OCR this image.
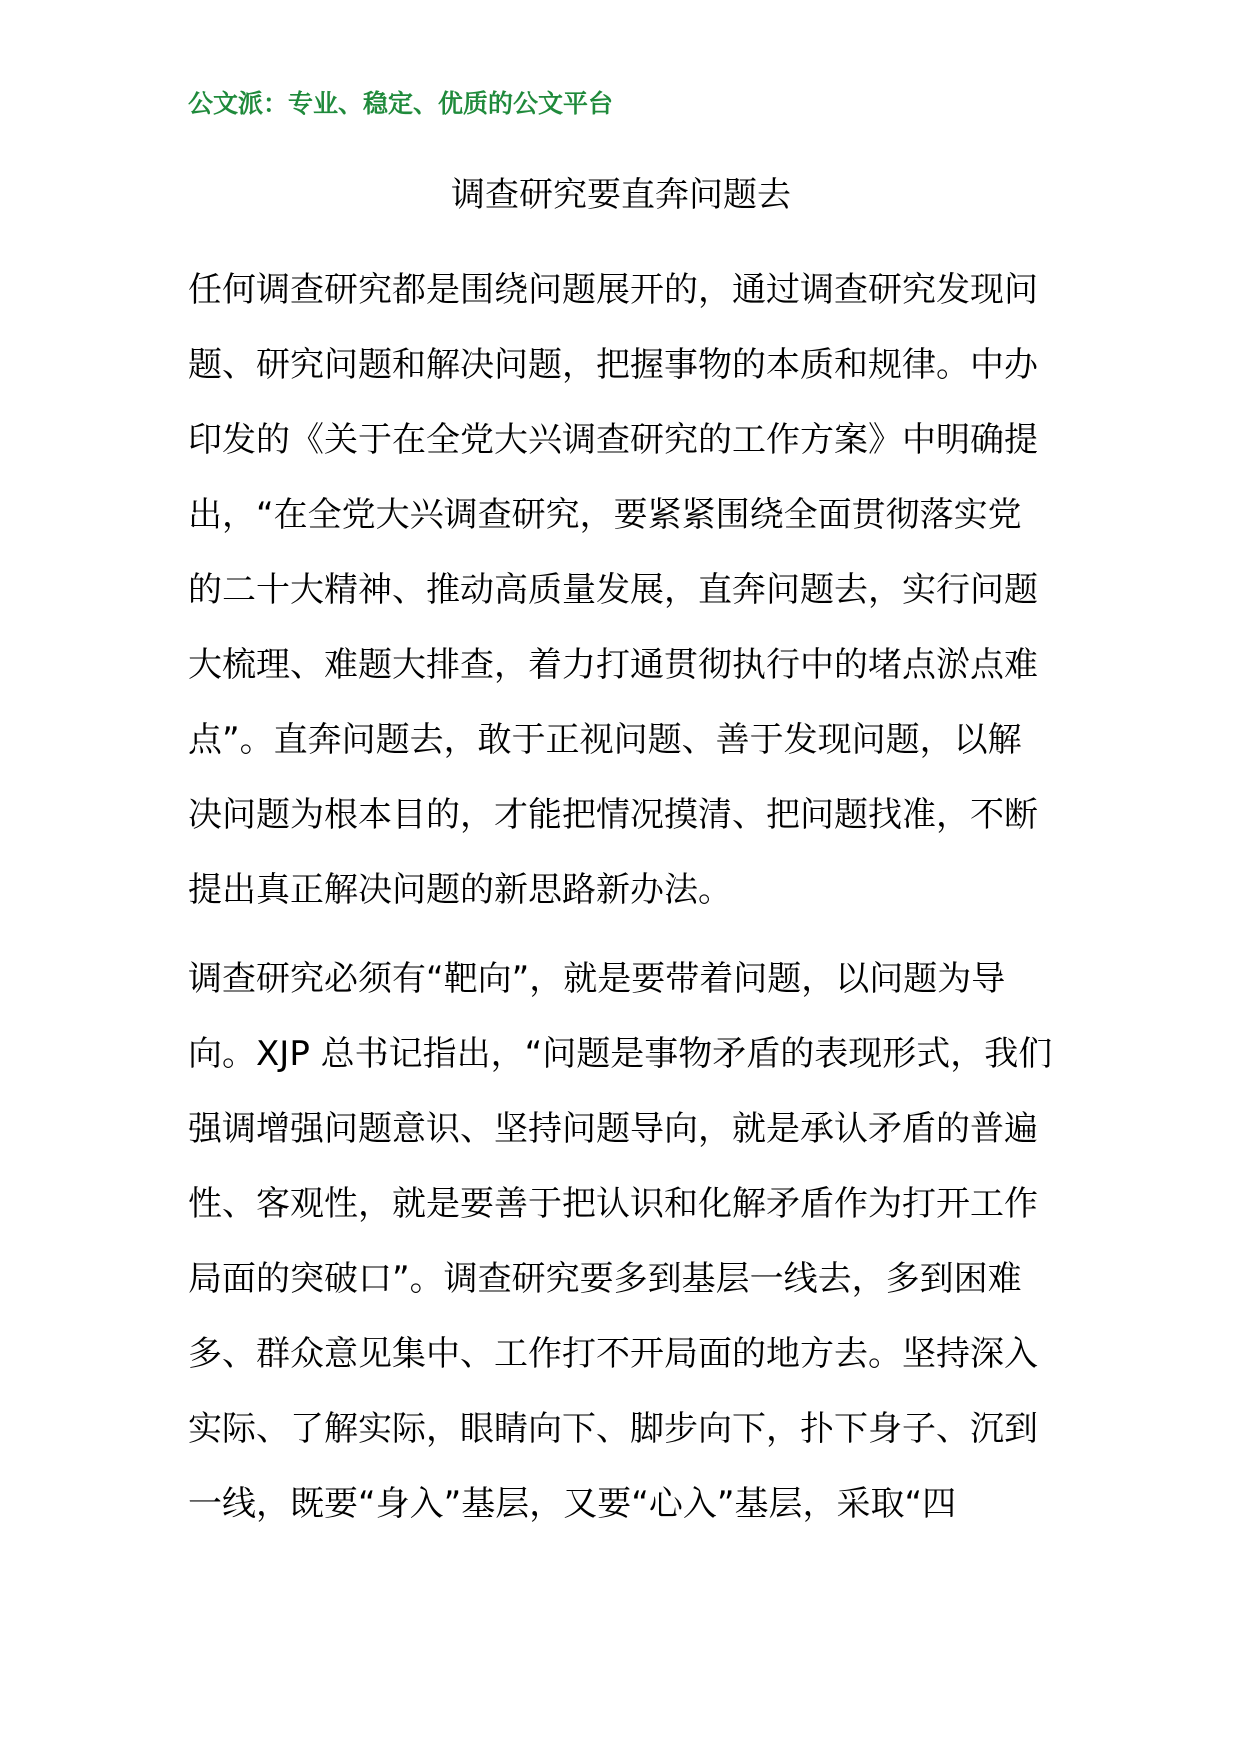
公文派：专业、稳定、优质的公文平台
调查研究要直奔问题去
任何调查研究都是围绕问题展开的，通过调查研究发现问
题、研究问题和解决问题，把握事物的本质和规律。中办
印发的《关于在全党大兴调查研究的工作方案》中明确提
出，“在全党大兴调查研究，要紧紧围绕全面贯彻落实党
的二十大精神、推动高质量发展，直奔问题去，实行问题
大梳理、难题大排查，着力打通贯彻执行中的堵点淤点难
点”。直奔问题去，敢于正视问题、善于发现问题，以解
决问题为根本目的，才能把情况摸清、把问题找准，不断
提出真正解决问题的新思路新办法。
调查研究必须有“靶向”，就是要带着问题，以问题为导
向。XJP 总书记指出，“问题是事物矛盾的表现形式，我们
强调增强问题意识、坚持问题导向，就是承认矛盾的普遍
性、客观性，就是要善于把认识和化解矛盾作为打开工作
局面的突破口”。调查研究要多到基层一线去，多到困难
多、群众意见集中、工作打不开局面的地方去。坚持深入
实际、了解实际，眼睛向下、脚步向下，扑下身子、沉到
一线，既要“身入”基层，又要“心入”基层，采取“四
